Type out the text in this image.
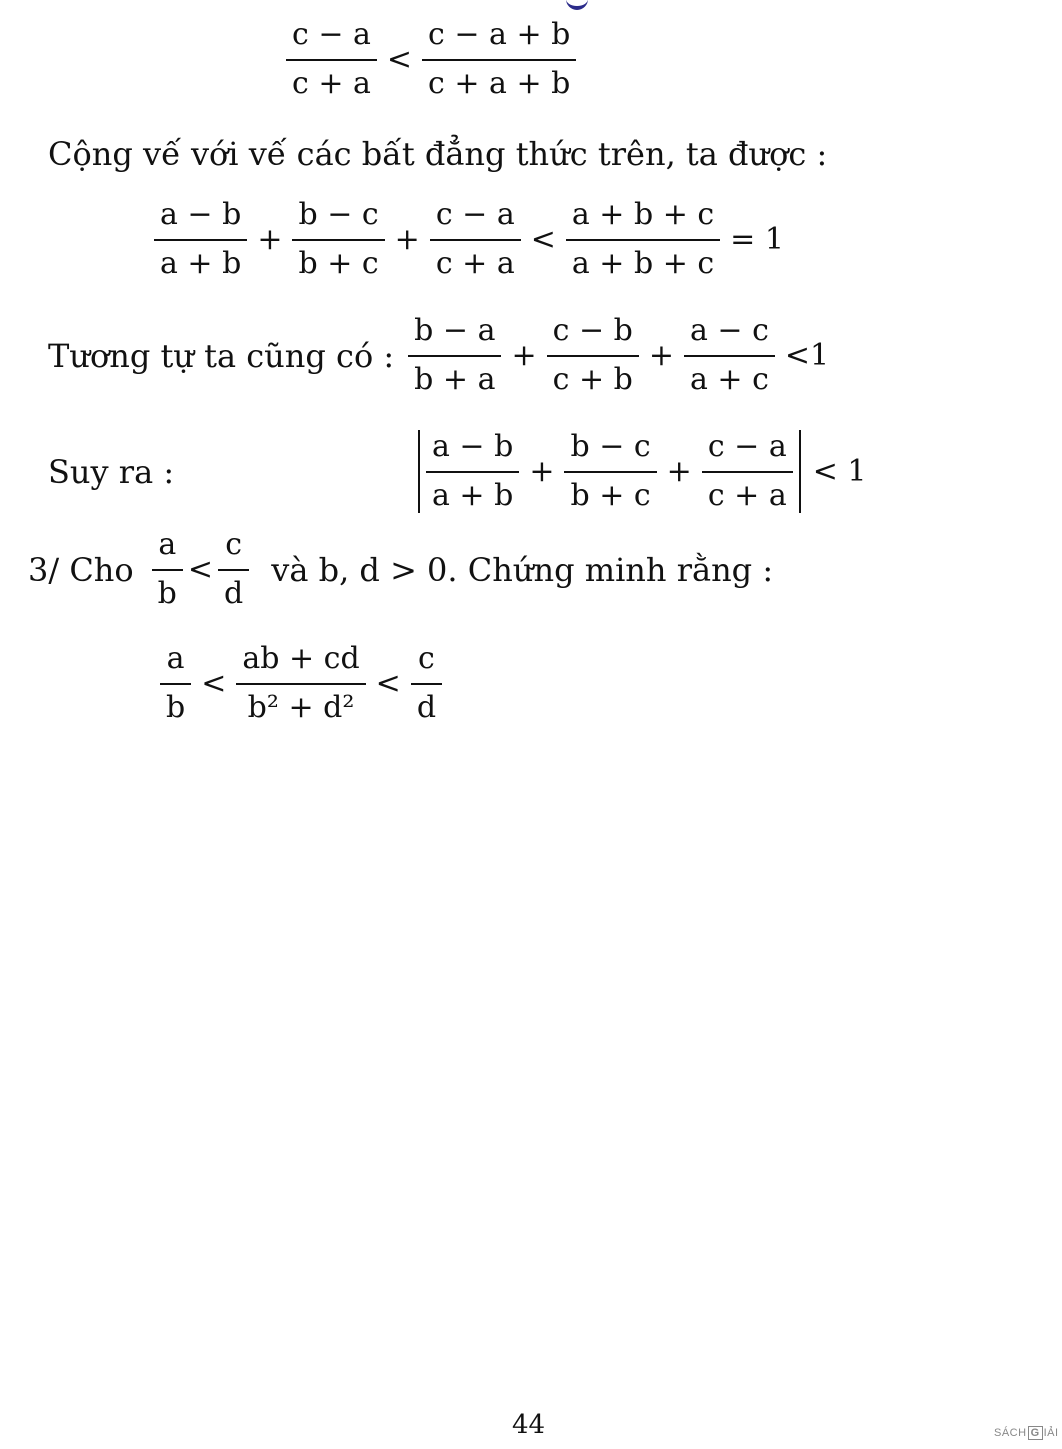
$\frac{c - a}{c + a} < \frac{c - a + b}{c + a + b}$
Cộng vế với vế các bất đẳng thức trên, ta được :
$\frac{a - b}{a + b} + \frac{b - c}{b + c} + \frac{c - a}{c + a} < \frac{a + b + c}{a + b + c} = 1$
Tương tự ta cũng có : $\frac{b - a}{b + a} + \frac{c - b}{c + b} + \frac{a - c}{a + c} <1$
Suy ra :	$\frac{a - b}{a + b} + \frac{b - c}{b + c} + \frac{c - a}{c + a} < 1$
3/ Cho $\frac{a}{b} < \frac{c}{d}$ và b, d > 0. Chứng minh rằng :
$\frac{a}{b} < \frac{ab + cd}{\text{b² + d²}} < \frac{c}{d}$
44	SÁCH G IẢI
